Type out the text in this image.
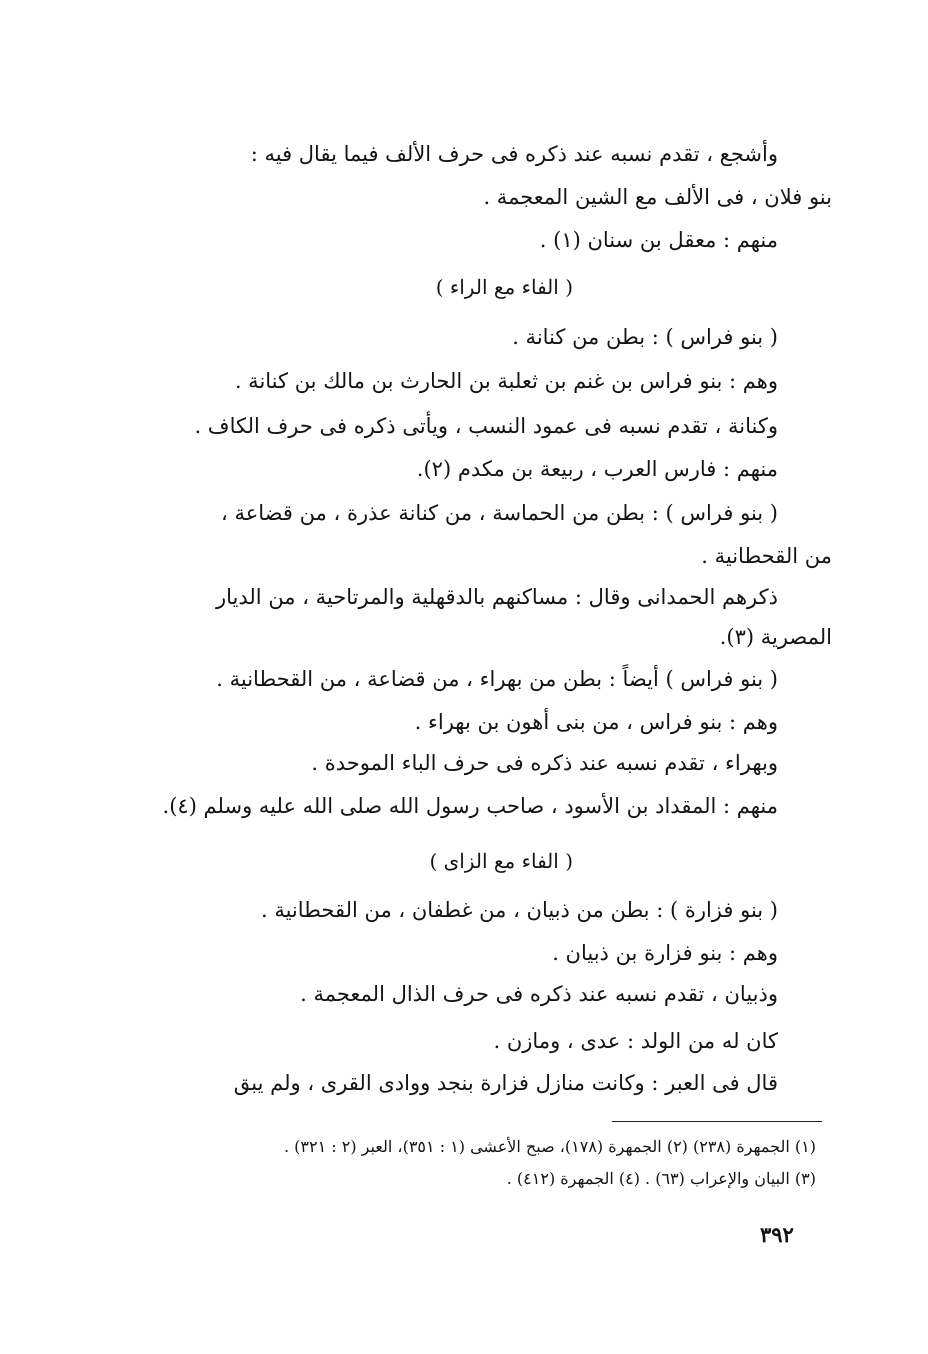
وأشجع ، تقدم نسبه عند ذكره فى حرف الألف فيما يقال فيه :
بنو فلان ، فى الألف مع الشين المعجمة .
منهم : معقل بن سنان (١) .
( الفاء مع الراء )
( بنو فراس ) : بطن من كنانة .
وهم : بنو فراس بن غنم بن ثعلبة بن الحارث بن مالك بن كنانة .
وكنانة ، تقدم نسبه فى عمود النسب ، ويأتى ذكره فى حرف الكاف .
منهم : فارس العرب ، ربيعة بن مكدم (٢).
( بنو فراس ) : بطن من الحماسة ، من كنانة عذرة ، من قضاعة ،
من القحطانية .
ذكرهم الحمدانى وقال : مساكنهم بالدقهلية والمرتاحية ، من الديار
المصرية (٣).
( بنو فراس ) أيضاً : بطن من بهراء ، من قضاعة ، من القحطانية .
وهم : بنو فراس ، من بنى أهون بن بهراء .
وبهراء ، تقدم نسبه عند ذكره فى حرف الباء الموحدة .
منهم : المقداد بن الأسود ، صاحب رسول الله صلى الله عليه وسلم (٤).
( الفاء مع الزاى )
( بنو فزارة ) : بطن من ذبيان ، من غطفان ، من القحطانية .
وهم : بنو فزارة بن ذبيان .
وذبيان ، تقدم نسبه عند ذكره فى حرف الذال المعجمة .
كان له من الولد : عدى ، ومازن .
قال فى العبر : وكانت منازل فزارة بنجد ووادى القرى ، ولم يبق
(١) الجمهرة (٢٣٨) (٢) الجمهرة (١٧٨)، صبح الأعشى (١ : ٣٥١)، العبر (٢ : ٣٢١) .
(٣) البيان والإعراب (٦٣) . (٤) الجمهرة (٤١٢) .
٣٩٢
